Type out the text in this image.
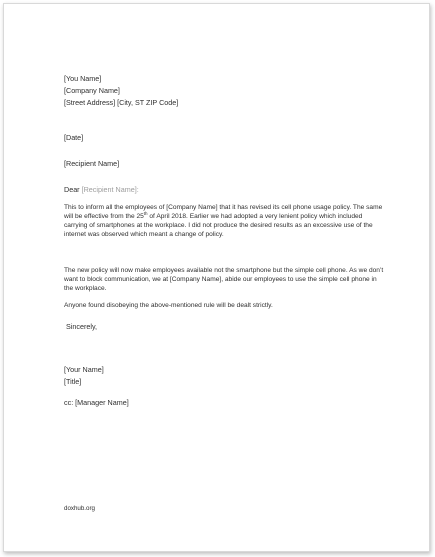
[You Name]
[Company Name]
[Street Address] [City, ST ZIP Code]
[Date]
[Recipient Name]
Dear [Recipient Name]:
This to inform all the employees of [Company Name] that it has revised its cell phone usage policy. The same will be effective from the 25th of April 2018. Earlier we had adopted a very lenient policy which included carrying of smartphones at the workplace. I did not produce the desired results as an excessive use of the internet was observed which meant a change of policy.
The new policy will now make employees available not the smartphone but the simple cell phone. As we don’t want to block communication, we at [Company Name], abide our employees to use the simple cell phone in the workplace.
Anyone found disobeying the above-mentioned rule will be dealt strictly.
Sincerely,
[Your Name]
[Title]
cc: [Manager Name]
doxhub.org
